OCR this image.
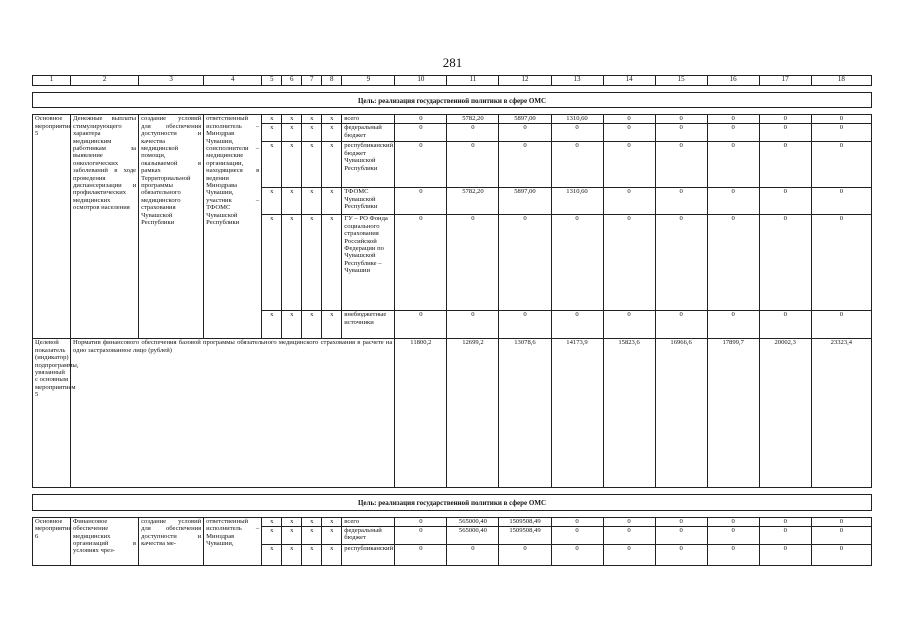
281
1	2	3	4	5	6	7	8	9	10	11	12	13	14	15	16	17	18

Цель: реализация государственной политики в сфере ОМС																	

Основное мероприятие 5	Денежные выплаты стимулирующего характера медицинским работникам за выявление онкологических заболеваний в ходе проведения диспансеризации и профилактических медицинских осмотров населения	создание условий для обеспечения доступности и качества медицинской помощи, оказываемой в рамках Территориальной программы обязательного медицинского страхования Чувашской Республики	ответственный исполнитель – Минздрав Чувашии, соисполнители – медицинские организации, находящиеся в ведении Минздрава Чувашии, участник – ТФОМС Чувашской Республики	x	x	x	x	всего	0	5782,20	5897,00	1310,60	0	0	0	0	0
				x	x	x	x	федеральный бюджет	0	0	0	0	0	0	0	0	0
				x	x	x	x	республиканский бюджет Чувашской Республики	0	0	0	0	0	0	0	0	0
				x	x	x	x	ТФОМС Чувашской Республики	0	5782,20	5897,00	1310,60	0	0	0	0	0
				x	x	x	x	ГУ – РО Фонда социального страхования Российской Федерации по Чувашской Республике – Чувашии	0	0	0	0	0	0	0	0	0
				x	x	x	x	внебюджетные источники	0	0	0	0	0	0	0	0	0
Целевой показатель (индикатор) подпрограммы, увязанный с основным мероприятием 5	Норматив финансового обеспечения базовой программы обязательного медицинского страхования в расчете на одно застрахованное лицо (рублей)								11800,2	12699,2	13078,6	14173,9	15823,6	16966,6	17899,7	20002,3	23323,4

Цель: реализация государственной политики в сфере ОМС																	

Основное мероприятие 6	Финансовое обеспечение медицинских организаций в условиях чрез-	создание условий для обеспечения доступности и качества ме-	ответственный исполнитель – Минздрав Чувашии,	x	x	x	x	всего	0	565000,40	1509508,49	0	0	0	0	0	0
				x	x	x	x	федеральный бюджет	0	565000,40	1509508,49	0	0	0	0	0	0
				x	x	x	x	республиканский	0	0	0	0	0	0	0	0	0
